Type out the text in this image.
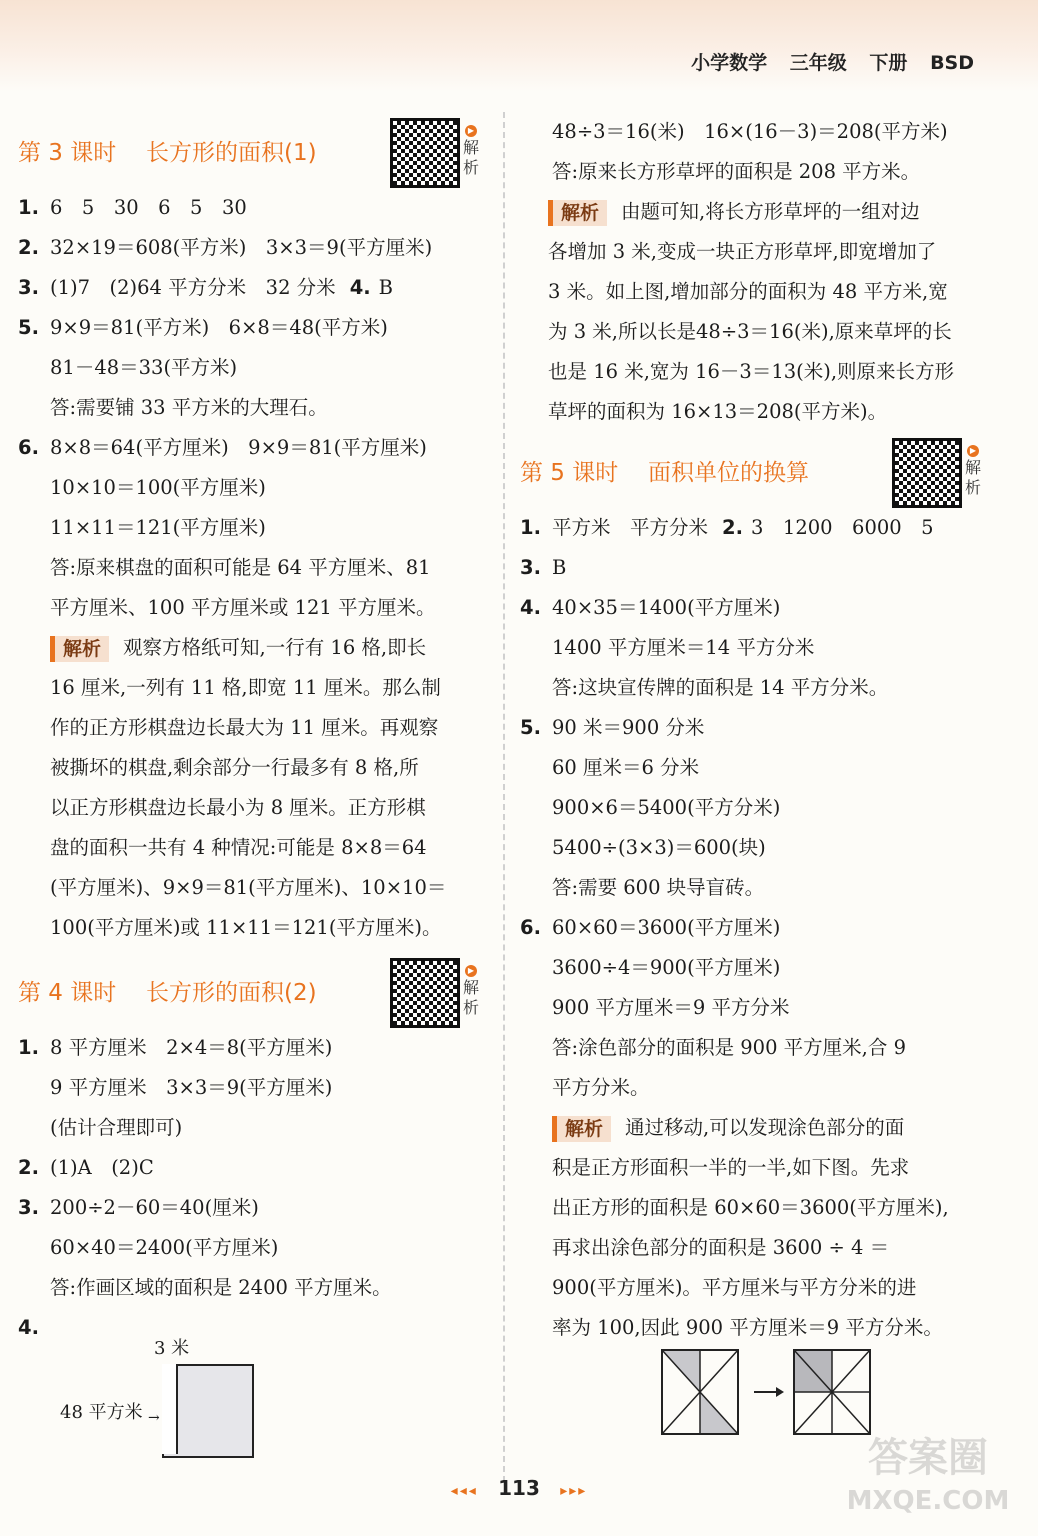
小学数学 三年级 下册 BSD
第 3 课时 长方形的面积(1)
▶
解析
1. 6　5　30　6　5　30
2. 32×19＝608(平方米)　3×3＝9(平方厘米)
3. (1)7　(2)64 平方分米　32 分米 4. B
5. 9×9＝81(平方米)　6×8＝48(平方米)
81－48＝33(平方米)
答:需要铺 33 平方米的大理石。
6. 8×8＝64(平方厘米)　9×9＝81(平方厘米)
10×10＝100(平方厘米)
11×11＝121(平方厘米)
答:原来棋盘的面积可能是 64 平方厘米、81
平方厘米、100 平方厘米或 121 平方厘米。
解析 观察方格纸可知,一行有 16 格,即长
16 厘米,一列有 11 格,即宽 11 厘米。那么制
作的正方形棋盘边长最大为 11 厘米。再观察
被撕坏的棋盘,剩余部分一行最多有 8 格,所
以正方形棋盘边长最小为 8 厘米。正方形棋
盘的面积一共有 4 种情况:可能是 8×8＝64
(平方厘米)、9×9＝81(平方厘米)、10×10＝
100(平方厘米)或 11×11＝121(平方厘米)。
第 4 课时 长方形的面积(2)
▶
解析
1. 8 平方厘米　2×4＝8(平方厘米)
9 平方厘米　3×3＝9(平方厘米)
(估计合理即可)
2. (1)A　(2)C
3. 200÷2－60＝40(厘米)
60×40＝2400(平方厘米)
答:作画区域的面积是 2400 平方厘米。
4.
3 米
48 平方米 →
48÷3＝16(米)　16×(16－3)＝208(平方米)
答:原来长方形草坪的面积是 208 平方米。
解析 由题可知,将长方形草坪的一组对边
各增加 3 米,变成一块正方形草坪,即宽增加了
3 米。如上图,增加部分的面积为 48 平方米,宽
为 3 米,所以长是48÷3＝16(米),原来草坪的长
也是 16 米,宽为 16－3＝13(米),则原来长方形
草坪的面积为 16×13＝208(平方米)。
第 5 课时 面积单位的换算
▶
解析
1. 平方米　平方分米 2. 3　1200　6000　5
3. B
4. 40×35＝1400(平方厘米)
1400 平方厘米＝14 平方分米
答:这块宣传牌的面积是 14 平方分米。
5. 90 米＝900 分米
60 厘米＝6 分米
900×6＝5400(平方分米)
5400÷(3×3)＝600(块)
答:需要 600 块导盲砖。
6. 60×60＝3600(平方厘米)
3600÷4＝900(平方厘米)
900 平方厘米＝9 平方分米
答:涂色部分的面积是 900 平方厘米,合 9
平方分米。
解析 通过移动,可以发现涂色部分的面
积是正方形面积一半的一半,如下图。先求
出正方形的面积是 60×60＝3600(平方厘米),
再求出涂色部分的面积是 3600 ÷ 4 ＝
900(平方厘米)。平方厘米与平方分米的进
率为 100,因此 900 平方厘米＝9 平方分米。
◂◂◂ 113 ▸▸▸
答案圈
MXQE.COM
